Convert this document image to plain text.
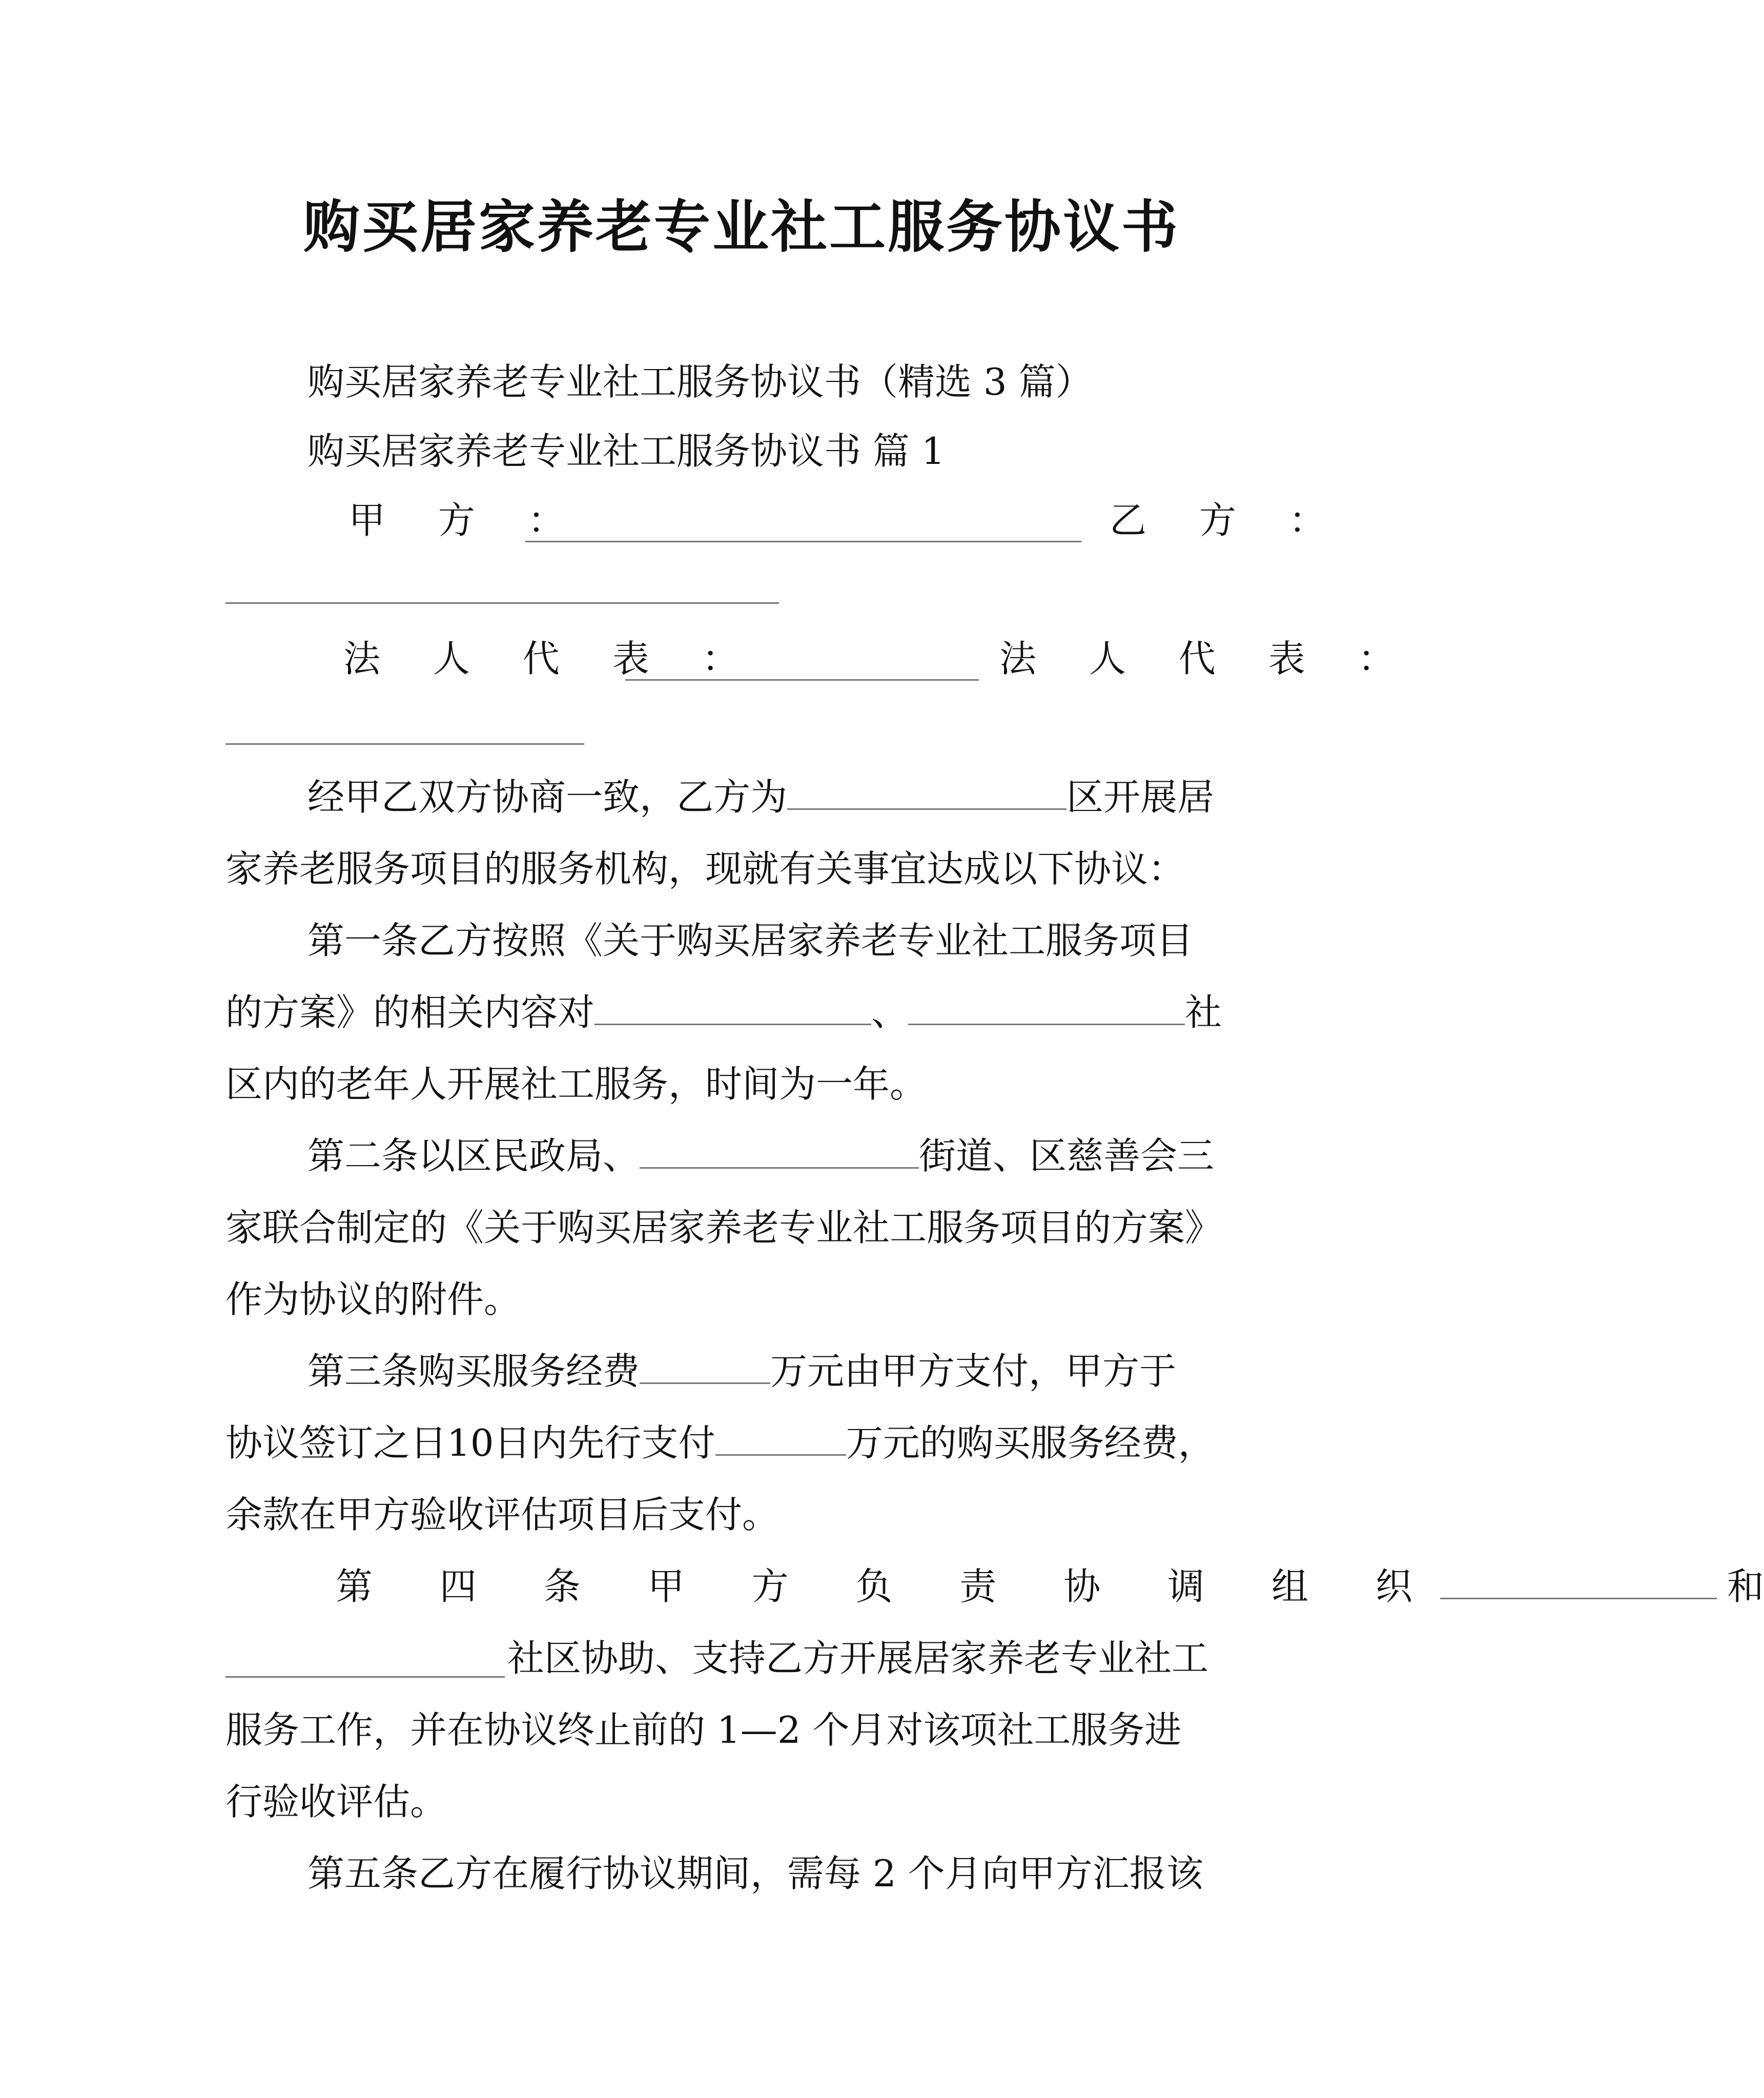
购买居家养老专业社工服务协议书
购买居家养老专业社工服务协议书（精选 3 篇）
购买居家养老专业社工服务协议书 篇 1
甲 方 ：	乙 方 ：
法 人 代 表 ：	法 人 代 表 ：
经甲乙双方协商一致，乙方为	区开展居
家养老服务项目的服务机构，现就有关事宜达成以下协议：
第一条乙方按照《关于购买居家养老专业社工服务项目
的方案》的相关内容对	、	社
区内的老年人开展社工服务，时间为一年。
第二条以区民政局、	街道、区慈善会三
家联合制定的《关于购买居家养老专业社工服务项目的方案》
作为协议的附件。
第三条购买服务经费	万元由甲方支付，甲方于
协议签订之日10日内先行支付	万元的购买服务经费，
余款在甲方验收评估项目后支付。
第 四 条 甲 方 负 责 协 调 组 织	和
社区协助、支持乙方开展居家养老专业社工
服务工作，并在协议终止前的 1—2 个月对该项社工服务进
行验收评估。
第五条乙方在履行协议期间，需每 2 个月向甲方汇报该
